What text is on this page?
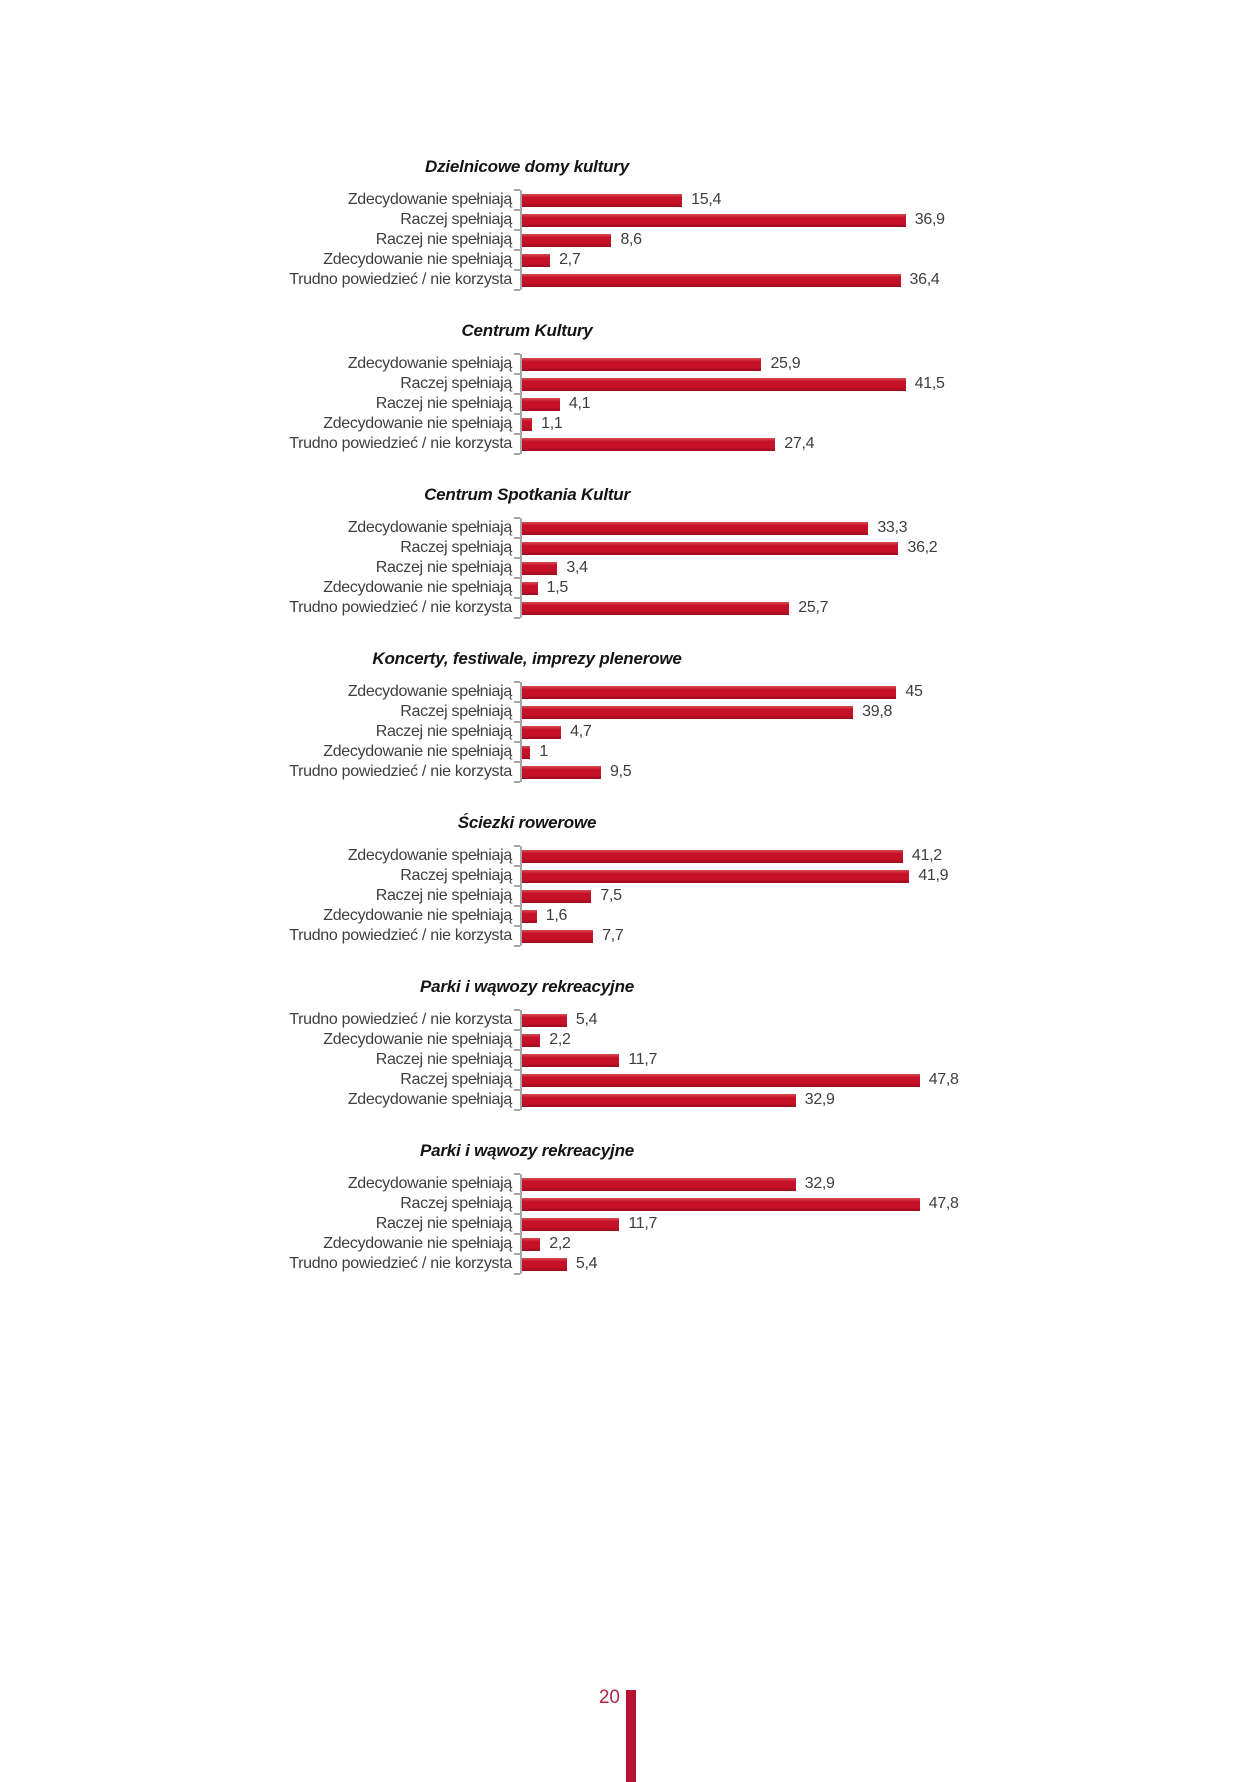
Dzielnicowe domy kultury
Zdecydowanie spełniają	15,4
Raczej spełniają	36,9
Raczej nie spełniają	8,6
Zdecydowanie nie spełniają	2,7
Trudno powiedzieć / nie korzysta	36,4
Centrum Kultury
Zdecydowanie spełniają	25,9
Raczej spełniają	41,5
Raczej nie spełniają	4,1
Zdecydowanie nie spełniają	1,1
Trudno powiedzieć / nie korzysta	27,4
Centrum Spotkania Kultur
Zdecydowanie spełniają	33,3
Raczej spełniają	36,2
Raczej nie spełniają	3,4
Zdecydowanie nie spełniają	1,5
Trudno powiedzieć / nie korzysta	25,7
Koncerty, festiwale, imprezy plenerowe
Zdecydowanie spełniają	45
Raczej spełniają	39,8
Raczej nie spełniają	4,7
Zdecydowanie nie spełniają	1
Trudno powiedzieć / nie korzysta	9,5
Ściezki rowerowe
Zdecydowanie spełniają	41,2
Raczej spełniają	41,9
Raczej nie spełniają	7,5
Zdecydowanie nie spełniają	1,6
Trudno powiedzieć / nie korzysta	7,7
Parki i wąwozy rekreacyjne
Trudno powiedzieć / nie korzysta	5,4
Zdecydowanie nie spełniają	2,2
Raczej nie spełniają	11,7
Raczej spełniają	47,8
Zdecydowanie spełniają	32,9
Parki i wąwozy rekreacyjne
Zdecydowanie spełniają	32,9
Raczej spełniają	47,8
Raczej nie spełniają	11,7
Zdecydowanie nie spełniają	2,2
Trudno powiedzieć / nie korzysta	5,4
20
